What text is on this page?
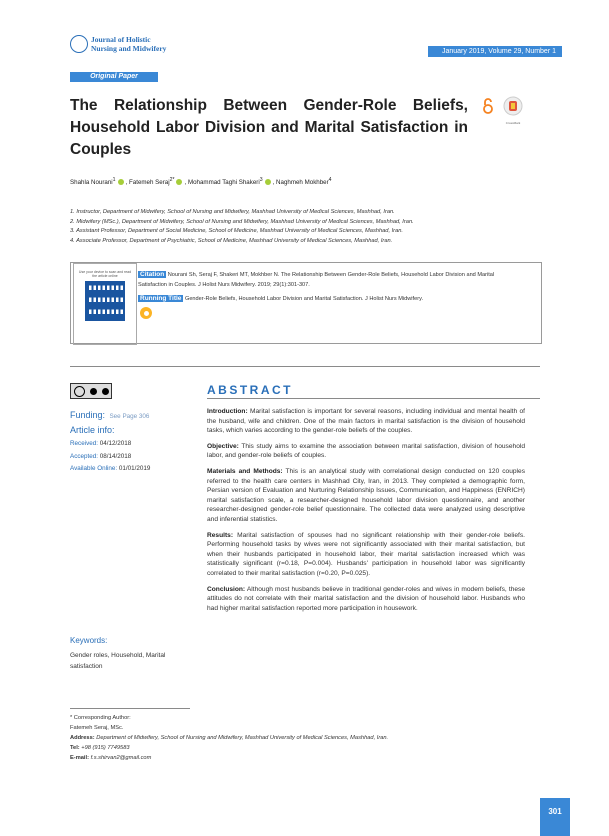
Journal of Holistic
Nursing and Midwifery	January 2019, Volume 29, Number 1
Original Paper
The Relationship Between Gender-Role Beliefs, Household Labor Division and Marital Satisfaction in Couples
CrossMark
Shahla Nourani$^1$ , Fatemeh Seraj$^{2*}$ , Mohammad Taghi Shakeri$^3$ , Naghmeh Mokhber$^4$
1. Instructor, Department of Midwifery, School of Nursing and Midwifery, Mashhad University of Medical Sciences, Mashhad, Iran.
2. Midwifery (MSc.), Department of Midwifery, School of Nursing and Midwifery, Mashhad University of Medical Sciences, Mashhad, Iran.
3. Assistant Professor, Department of Social Medicine, School of Medicine, Mashhad University of Medical Sciences, Mashhad, Iran.
4. Associate Professor, Department of Psychiatric, School of Medicine, Mashhad University of Medical Sciences, Mashhad, Iran.
Use your device to scan and read the article online	Citation Nourani Sh, Seraj F, Shakeri MT, Mokhber N. The Relationship Between Gender-Role Beliefs, Household Labor Division and Marital Satisfaction in Couples. J Holist Nurs Midwifery. 2019; 29(1):301-307.
Running Title Gender-Role Beliefs, Household Labor Division and Marital Satisfaction. J Holist Nurs Midwifery.
Funding: See Page 306
Article info:
Received: 04/12/2018
Accepted: 08/14/2018
Available Online: 01/01/2019
Keywords:
Gender roles, Household, Marital satisfaction
ABSTRACT

Introduction: Marital satisfaction is important for several reasons, including individual and mental health of the husband, wife and children. One of the main factors in marital satisfaction is the division of household tasks, which varies according to the gender-role beliefs of the couples.

Objective: This study aims to examine the association between marital satisfaction, division of household labor, and gender-role beliefs of couples.

Materials and Methods: This is an analytical study with correlational design conducted on 120 couples referred to the health care centers in Mashhad City, Iran, in 2013. They completed a demographic form, Persian version of Evaluation and Nurturing Relationship Issues, Communication, and Happiness (ENRICH) marital satisfaction scale, a researcher-designed household labor division questionnaire, and another researcher-designed gender-role belief questionnaire. The collected data were analyzed using descriptive and inferential statistics.

Results: Marital satisfaction of spouses had no significant relationship with their gender-role beliefs. Performing household tasks by wives were not significantly associated with their marital satisfaction, but when their husbands participated in household labor, their marital satisfaction increased which was statistically significant (r=0.18, P=0.004). Husbands' participation in household labor was significantly correlated to their marital satisfaction (r=0.20, P=0.025).

Conclusion: Although most husbands believe in traditional gender-roles and wives in modern beliefs, these attitudes do not correlate with their marital satisfaction and the division of household labor. Husbands who had higher marital satisfaction reported more participation in housework.

* Corresponding Author:
Fatemeh Seraj, MSc.
Address: Department of Midwifery, School of Nursing and Midwifery, Mashhad University of Medical Sciences, Mashhad, Iran.
Tel: +98 (915) 7749583
E-mail: f.s.shirvan2@gmail.com
301
